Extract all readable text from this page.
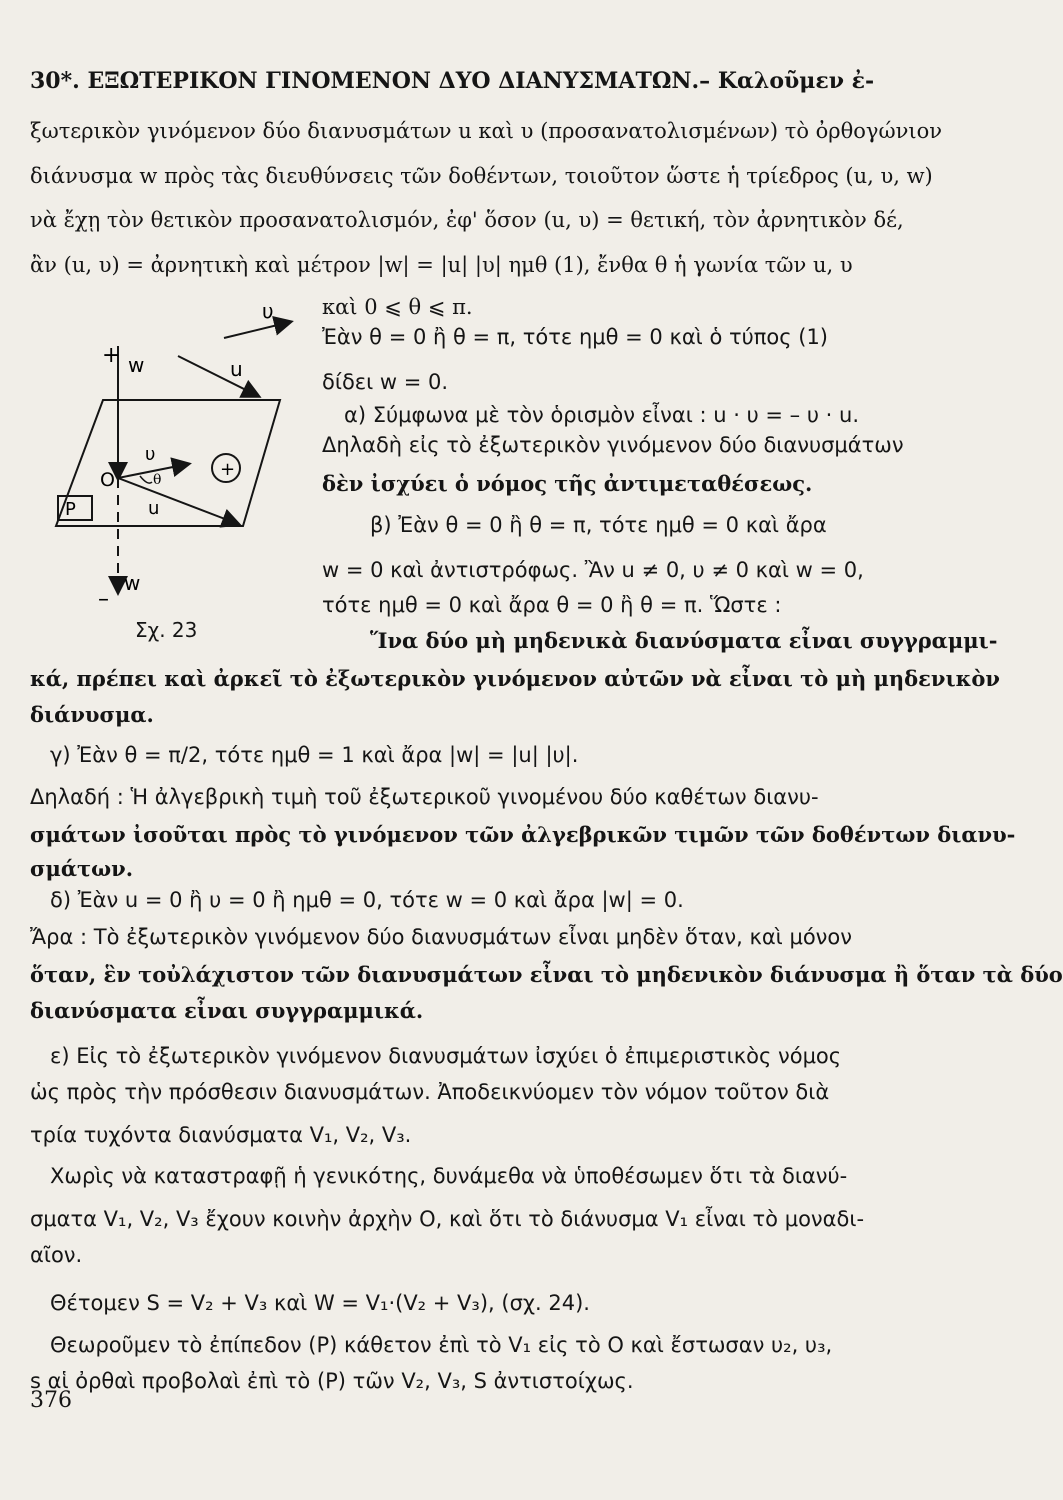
30*. ΕΞΩΤΕΡΙΚΟΝ ΓΙΝΟΜΕΝΟΝ ΔΥΟ ΔΙΑΝΥΣΜΑΤΩΝ.– Καλοῦμεν ἐ-
ξωτερικὸν γινόμενον δύο διανυσμάτων u καὶ υ (προσανατολισμένων) τὸ ὀρθογώνιον
διάνυσμα w πρὸς τὰς διευθύνσεις τῶν δοθέντων, τοιοῦτον ὥστε ἡ τρίεδρος (u, υ, w)
νὰ ἔχῃ τὸν θετικὸν προσανατολισμόν, ἐφ' ὅσον (u, υ) = θετική, τὸν ἀρνητικὸν δέ,
ἂν (u, υ) = ἀρνητικὴ καὶ μέτρον |w| = |u| |υ| ημθ (1), ἔνθα θ ἡ γωνία τῶν u, υ
καὶ 0 ⩽ θ ⩽ π.
Ἐὰν θ = 0 ἢ θ = π, τότε ημθ = 0 καὶ ὁ τύπος (1)
δίδει w = 0.
α) Σύμφωνα μὲ τὸν ὁρισμὸν εἶναι : u · υ = – υ · u.
Δηλαδὴ εἰς τὸ ἐξωτερικὸν γινόμενον δύο διανυσμάτων
δὲν ἰσχύει ὁ νόμος τῆς ἀντιμεταθέσεως.
β) Ἐὰν θ = 0 ἢ θ = π, τότε ημθ = 0 καὶ ἄρα
w = 0 καὶ ἀντιστρόφως. Ἂν u ≠ 0, υ ≠ 0 καὶ w = 0,
τότε ημθ = 0 καὶ ἄρα θ = 0 ἢ θ = π. Ὥστε :
Ἵνα δύο μὴ μηδενικὰ διανύσματα εἶναι συγγραμμι-
κά, πρέπει καὶ ἀρκεῖ τὸ ἐξωτερικὸν γινόμενον αὐτῶν νὰ εἶναι τὸ μὴ μηδενικὸν
διάνυσμα.
γ) Ἐὰν θ = π/2, τότε ημθ = 1 καὶ ἄρα |w| = |u| |υ|.
Δηλαδή : Ἡ ἀλγεβρικὴ τιμὴ τοῦ ἐξωτερικοῦ γινομένου δύο καθέτων διανυ-
σμάτων ἰσοῦται πρὸς τὸ γινόμενον τῶν ἀλγεβρικῶν τιμῶν τῶν δοθέντων διανυ-
σμάτων.
δ) Ἐὰν u = 0 ἢ υ = 0 ἢ ημθ = 0, τότε w = 0 καὶ ἄρα |w| = 0.
Ἄρα : Τὸ ἐξωτερικὸν γινόμενον δύο διανυσμάτων εἶναι μηδὲν ὅταν, καὶ μόνον
ὅταν, ἓν τοὐλάχιστον τῶν διανυσμάτων εἶναι τὸ μηδενικὸν διάνυσμα ἢ ὅταν τὰ δύο
διανύσματα εἶναι συγγραμμικά.
ε) Εἰς τὸ ἐξωτερικὸν γινόμενον διανυσμάτων ἰσχύει ὁ ἐπιμεριστικὸς νόμος
ὡς πρὸς τὴν πρόσθεσιν διανυσμάτων. Ἀποδεικνύομεν τὸν νόμον τοῦτον διὰ
τρία τυχόντα διανύσματα V₁, V₂, V₃.
Χωρὶς νὰ καταστραφῇ ἡ γενικότης, δυνάμεθα νὰ ὑποθέσωμεν ὅτι τὰ διανύ-
σματα V₁, V₂, V₃ ἔχουν κοινὴν ἀρχὴν Ο, καὶ ὅτι τὸ διάνυσμα V₁ εἶναι τὸ μοναδι-
αῖον.
Θέτομεν S = V₂ + V₃ καὶ W = V₁·(V₂ + V₃), (σχ. 24).
Θεωροῦμεν τὸ ἐπίπεδον (Ρ) κάθετον ἐπὶ τὸ V₁ εἰς τὸ Ο καὶ ἔστωσαν υ₂, υ₃,
s αἱ ὀρθαὶ προβολαὶ ἐπὶ τὸ (Ρ) τῶν V₂, V₃, S ἀντιστοίχως.
+ w
υ
u
O
P
υ
θ
u
+
w
–
Σχ. 23
376
